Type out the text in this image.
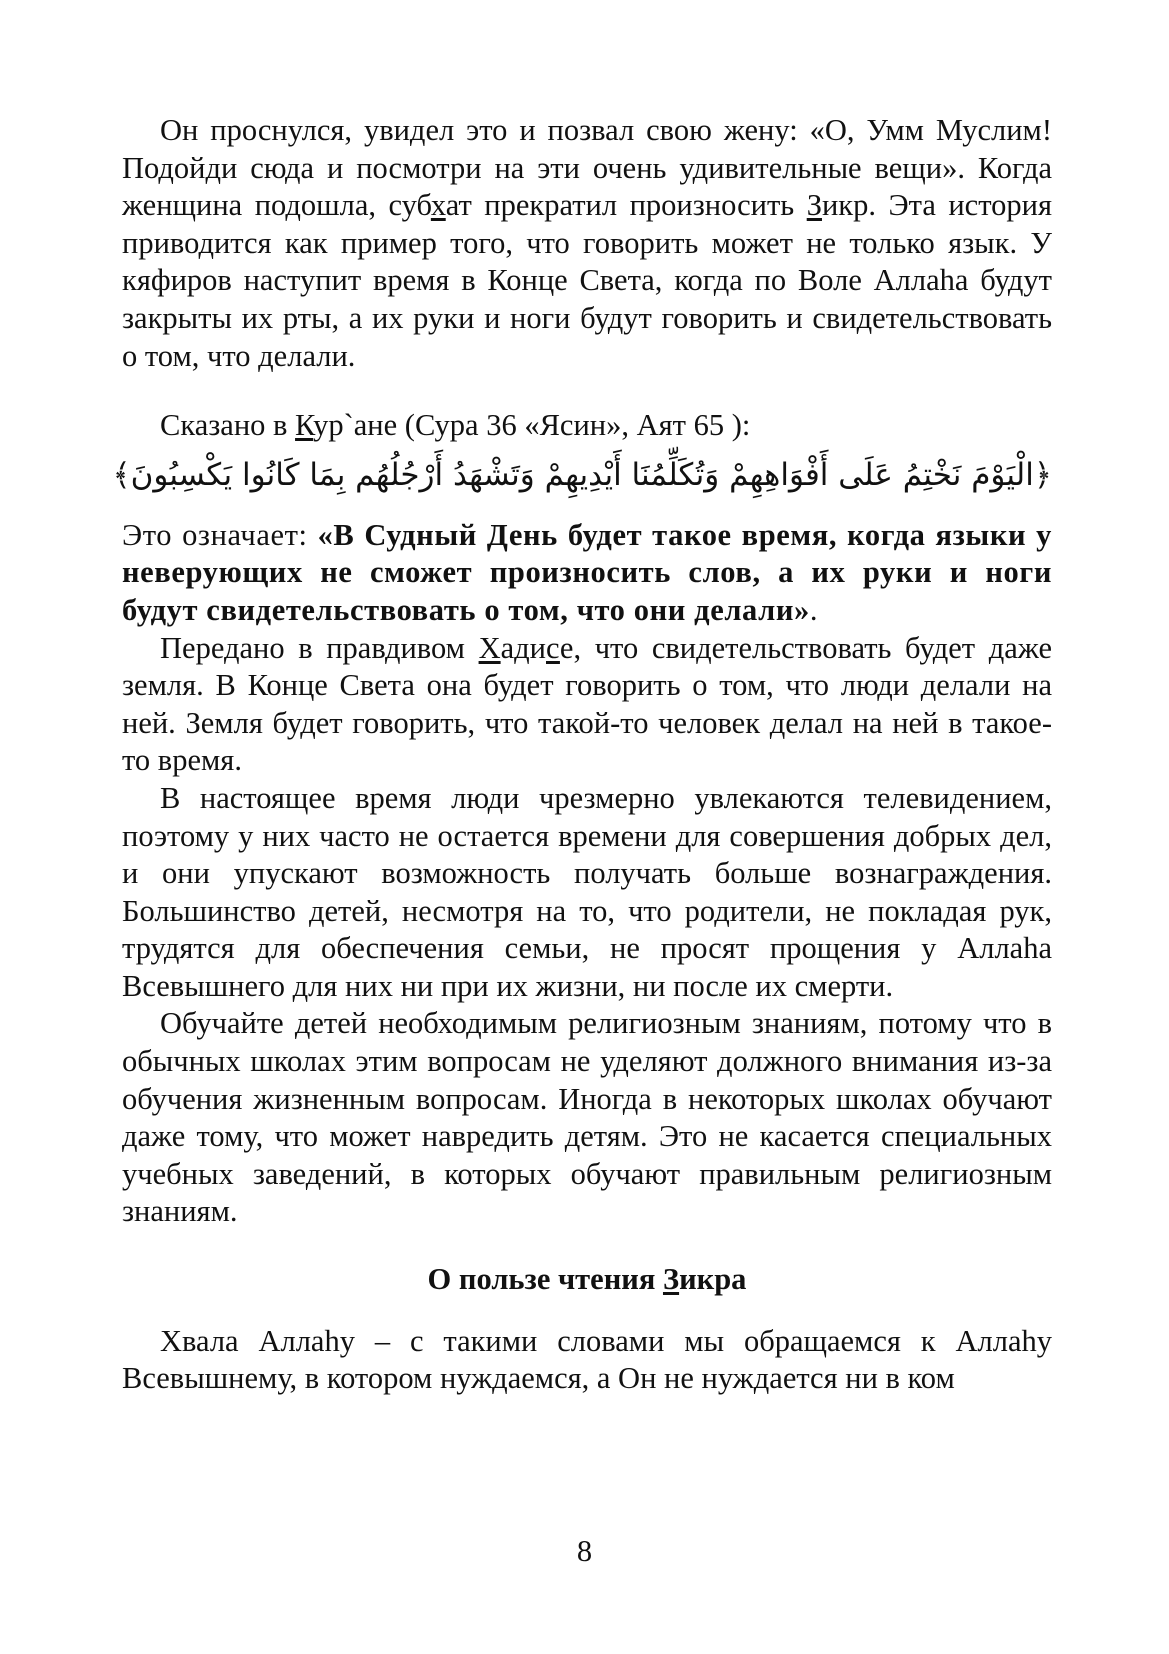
Он проснулся, увидел это и позвал свою жену: «О, Умм Муслим! Подойди сюда и посмотри на эти очень удивительные вещи». Когда женщина подошла, субхат прекратил произносить Зикр. Эта история приводится как пример того, что говорить может не только язык. У кяфиров наступит время в Конце Света, когда по Воле Аллаhа будут закрыты их рты, а их руки и ноги будут говорить и свидетельствовать о том, что делали.

Сказано в Кур`ане (Сура 36 «Ясин», Аят 65 ):

﴿الْيَوْمَ نَخْتِمُ عَلَى أَفْوَاهِهِمْ وَتُكَلِّمُنَا أَيْدِيهِمْ وَتَشْهَدُ أَرْجُلُهُم بِمَا كَانُوا يَكْسِبُونَ﴾

Это означает: «В Судный День будет такое время, когда языки у неверующих не сможет произносить слов, а их руки и ноги будут свидетельствовать о том, что они делали».

Передано в правдивом Хадисе, что свидетельствовать будет даже земля. В Конце Света она будет говорить о том, что люди делали на ней. Земля будет говорить, что такой-то человек делал на ней в такое-то время.

В настоящее время люди чрезмерно увлекаются телевидением, поэтому у них часто не остается времени для совершения добрых дел, и они упускают возможность получать больше вознаграждения. Большинство детей, несмотря на то, что родители, не покладая рук, трудятся для обеспечения семьи, не просят прощения у Аллаhа Всевышнего для них ни при их жизни, ни после их смерти.

Обучайте детей необходимым религиозным знаниям, потому что в обычных школах этим вопросам не уделяют должного внимания из-за обучения жизненным вопросам. Иногда в некоторых школах обучают даже тому, что может навредить детям. Это не касается специальных учебных заведений, в которых обучают правильным религиозным знаниям.

О пользе чтения Зикра

Хвала Аллаhу – с такими словами мы обращаемся к Аллаhу Всевышнему, в котором нуждаемся, а Он не нуждается ни в ком

8
